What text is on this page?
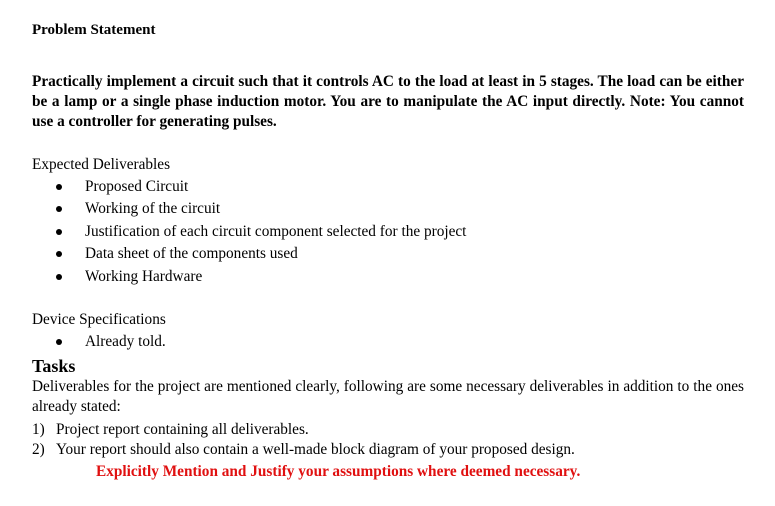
Problem Statement

Practically implement a circuit such that it controls AC to the load at least in 5 stages. The load can be either be a lamp or a single phase induction motor. You are to manipulate the AC input directly. Note: You cannot use a controller for generating pulses.

Expected Deliverables

Proposed Circuit
Working of the circuit
Justification of each circuit component selected for the project
Data sheet of the components used
Working Hardware

Device Specifications

Already told.

Tasks

Deliverables for the project are mentioned clearly, following are some necessary deliverables in addition to the ones already stated:

1) Project report containing all deliverables.
2) Your report should also contain a well-made block diagram of your proposed design.

Explicitly Mention and Justify your assumptions where deemed necessary.
